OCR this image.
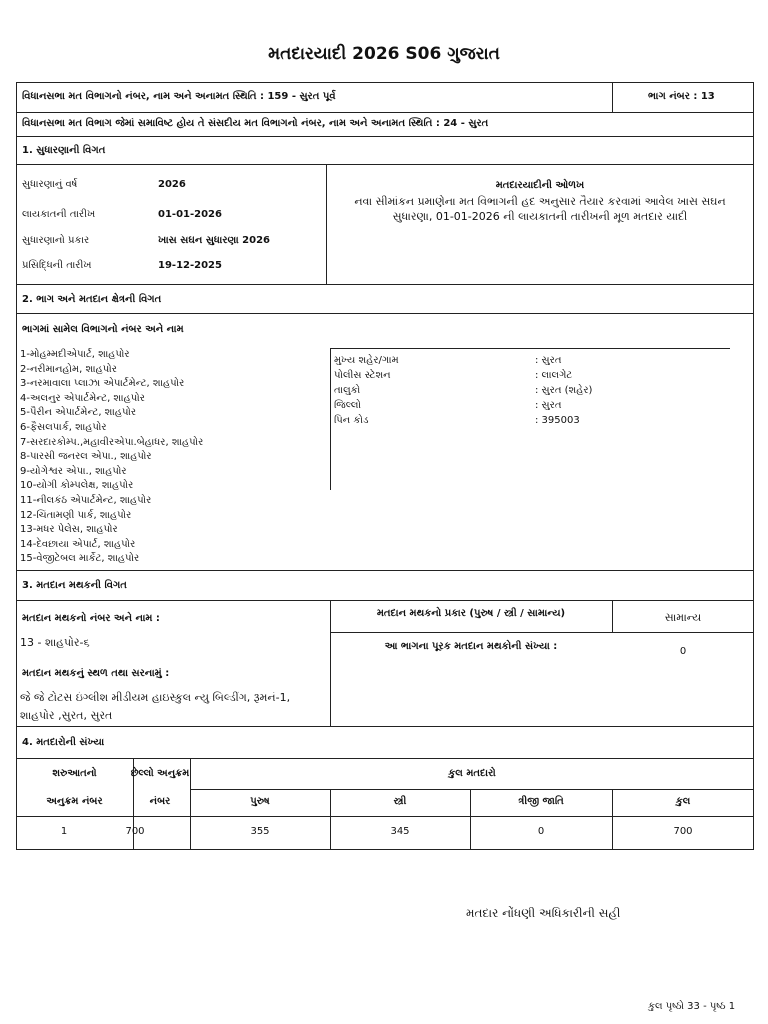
મતદારયાદી 2026 S06 ગુજરાત
વિધાનસભા મત વિભાગનો નંબર, નામ અને અનામત સ્થિતિ : 159 - સુરત પૂર્વ	ભાગ નંબર : 13
વિધાનસભા મત વિભાગ જેમાં સમાવિષ્ટ હોય તે સંસદીય મત વિભાગનો નંબર, નામ અને અનામત સ્થિતિ : 24 - સુરત
1. સુધારણાની વિગત
સુધારણાનું વર્ષ	2026
લાયકાતની તારીખ	01-01-2026
સુધારણાનો પ્રકાર	ખાસ સઘન સુધારણા 2026
પ્રસિદ્ધિની તારીખ	19-12-2025
મતદારયાદીની ઓળખ
નવા સીમાંકન પ્રમાણેના મત વિભાગની હદ અનુસાર તૈયાર કરવામાં આવેલ ખાસ સઘન
સુધારણા, 01-01-2026 ની લાયકાતની તારીખની મૂળ મતદાર યાદી
2. ભાગ અને મતદાન ક્ષેત્રની વિગત
ભાગમાં સામેલ વિભાગનો નંબર અને નામ
1-મોહમ્મદીએપાર્ટ, શાહપોર
2-નરીમાનહોમ, શાહપોર
3-નરમાવાલા પ્લાઝા એપાર્ટમેન્ટ, શાહપોર
4-અલનુર એપાર્ટમેન્ટ, શાહપોર
5-પૈરીન એપાર્ટમેન્ટ, શાહપોર
6-ફૈસલપાર્ક, શાહપોર
7-સરદારકોમ્પ.,મહાવીરએપા.બેહાધર, શાહપોર
8-પારસી જનરલ એપા., શાહપોર
9-યોગેશ્વર એપા., શાહપોર
10-યોગી કોમ્પલેક્ષ, શાહપોર
11-નીલકંઠ એપાર્ટમેન્ટ, શાહપોર
12-ચિંતામણી પાર્ક, શાહપોર
13-મધર પેલેસ, શાહપોર
14-દેવછાયા એપાર્ટ, શાહપોર
15-વેજીટેબલ માર્કેટ, શાહપોર
મુખ્ય શહેર/ગામ	: સુરત
પોલીસ સ્ટેશન	: લાલગેટ
તાલુકો	: સુરત (શહેર)
જિલ્લો	: સુરત
પિન કોડ	: 395003
3. મતદાન મથકની વિગત
મતદાન મથકનો નંબર અને નામ :
13 - શાહપોર-૬
મતદાન મથકનું સ્થળ તથા સરનામું :
જે જે ટોટસ ઇંગ્લીશ મીડીયમ હાઇસ્કુલ ન્યુ બિલ્ડીંગ, રૂમનં-1,
શાહપોર ,સુરત, સુરત
મતદાન મથકનો પ્રકાર (પુરુષ / સ્ત્રી / સામાન્ય)	સામાન્ય
આ ભાગના પૂરક મતદાન મથકોની સંખ્યા :	0
4. મતદારોની સંખ્યા
શરુઆતનો
અનુક્રમ નંબર
છેલ્લો અનુક્રમ
નંબર
કુલ મતદારો
પુરુષ	સ્ત્રી	ત્રીજી જાતિ	કુલ
1	700	355	345	0	700
મતદાર નોંધણી અધિકારીની સહી
કુલ પૃષ્ઠો 33 - પૃષ્ઠ 1
